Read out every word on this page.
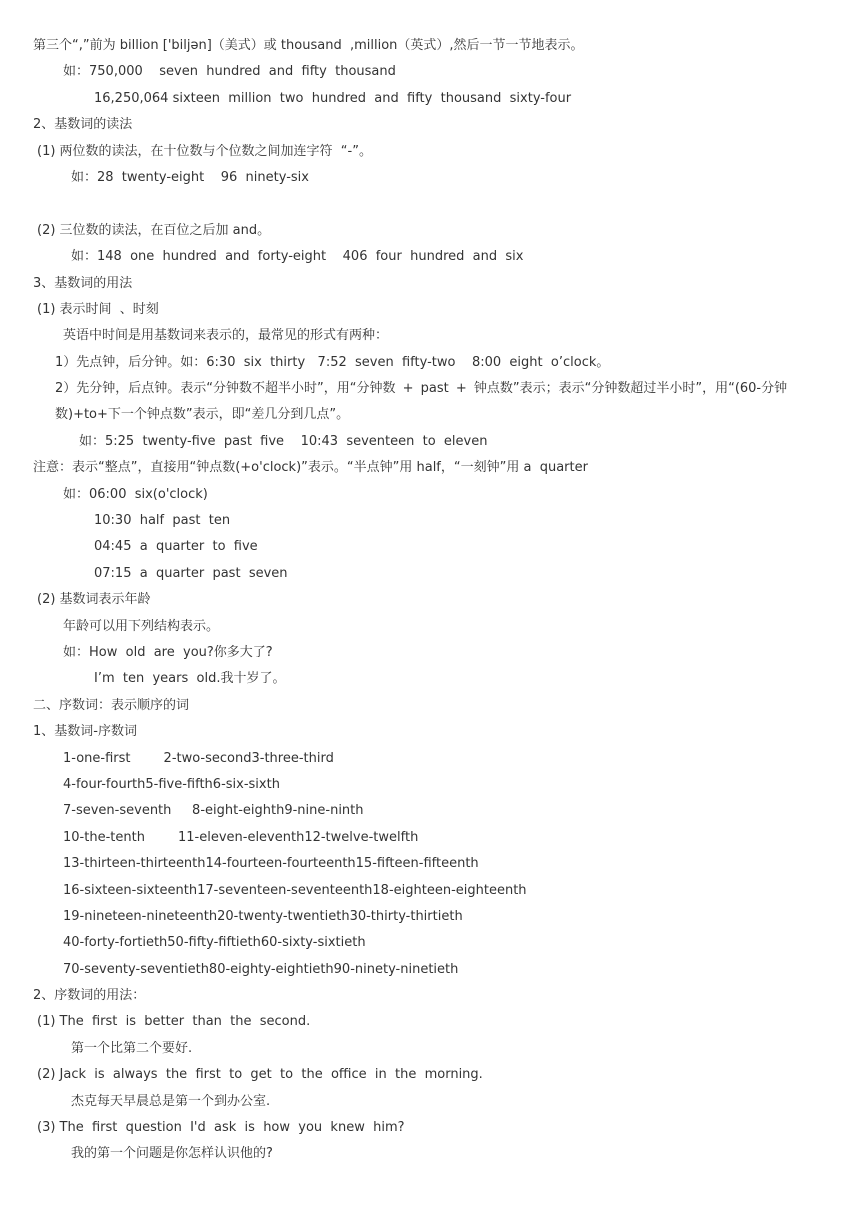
第三个“,”前为 billion ['biljən]（美式）或 thousand  ,million（英式）,然后一节一节地表示。
如：750,000    seven  hundred  and  fifty  thousand
16,250,064 sixteen  million  two  hundred  and  fifty  thousand  sixty-four
2、基数词的读法
(1) 两位数的读法，在十位数与个位数之间加连字符  “-”。
如：28  twenty-eight    96  ninety-six
(2) 三位数的读法，在百位之后加 and。
如：148  one  hundred  and  forty-eight    406  four  hundred  and  six
3、基数词的用法
(1) 表示时间  、时刻
英语中时间是用基数词来表示的，最常见的形式有两种：
1）先点钟，后分钟。如：6:30  six  thirty   7:52  seven  fifty-two    8:00  eight  o’clock。
2）先分钟，后点钟。表示“分钟数不超半小时”，用“分钟数 + past + 钟点数”表示；表示“分钟数超过半小时”，用“(60-分钟数)+to+下一个钟点数”表示，即“差几分到几点”。
如：5:25  twenty-five  past  five    10:43  seventeen  to  eleven
注意：表示“整点”，直接用“钟点数(+o'clock)”表示。“半点钟”用 half，“一刻钟”用 a  quarter
如：06:00  six(o'clock)
10:30  half  past  ten
04:45  a  quarter  to  five
07:15  a  quarter  past  seven
(2) 基数词表示年龄
年龄可以用下列结构表示。
如：How  old  are  you?你多大了?
I’m  ten  years  old.我十岁了。
二、序数词：表示顺序的词
1、基数词-序数词
1-one-first        2-two-second3-three-third
4-four-fourth5-five-fifth6-six-sixth
7-seven-seventh     8-eight-eighth9-nine-ninth
10-the-tenth        11-eleven-eleventh12-twelve-twelfth
13-thirteen-thirteenth14-fourteen-fourteenth15-fifteen-fifteenth
16-sixteen-sixteenth17-seventeen-seventeenth18-eighteen-eighteenth
19-nineteen-nineteenth20-twenty-twentieth30-thirty-thirtieth
40-forty-fortieth50-fifty-fiftieth60-sixty-sixtieth
70-seventy-seventieth80-eighty-eightieth90-ninety-ninetieth
2、序数词的用法：
(1) The  first  is  better  than  the  second.
第一个比第二个要好.
(2) Jack  is  always  the  first  to  get  to  the  office  in  the  morning.
杰克每天早晨总是第一个到办公室.
(3) The  first  question  I'd  ask  is  how  you  knew  him?
我的第一个问题是你怎样认识他的?
